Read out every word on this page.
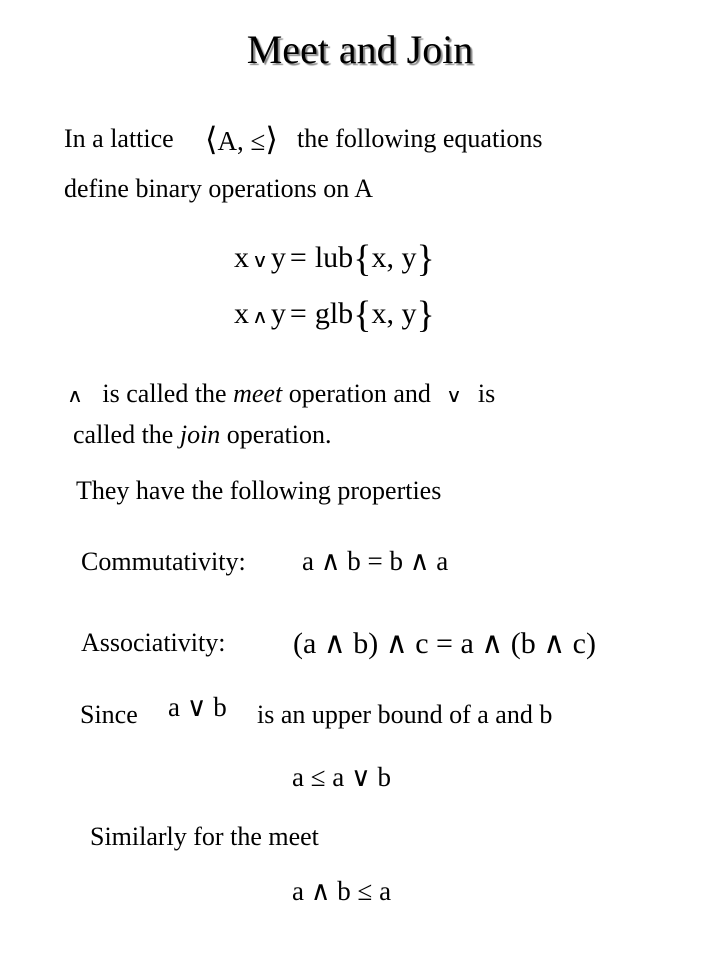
Meet and Join
In a lattice ⟨A, ≤⟩ the following equations
define binary operations on A
x ∨y = lub{x, y}
x ∧y = glb{x, y}
∧ is called the meet operation and ∨ is
called the join operation.
They have the following properties
Commutativity: a ∧ b = b ∧ a
Associativity: (a ∧ b) ∧ c = a ∧ (b ∧ c)
Since a ∨ b is an upper bound of a and b
a ≤ a ∨ b
Similarly for the meet
a ∧ b ≤ a
